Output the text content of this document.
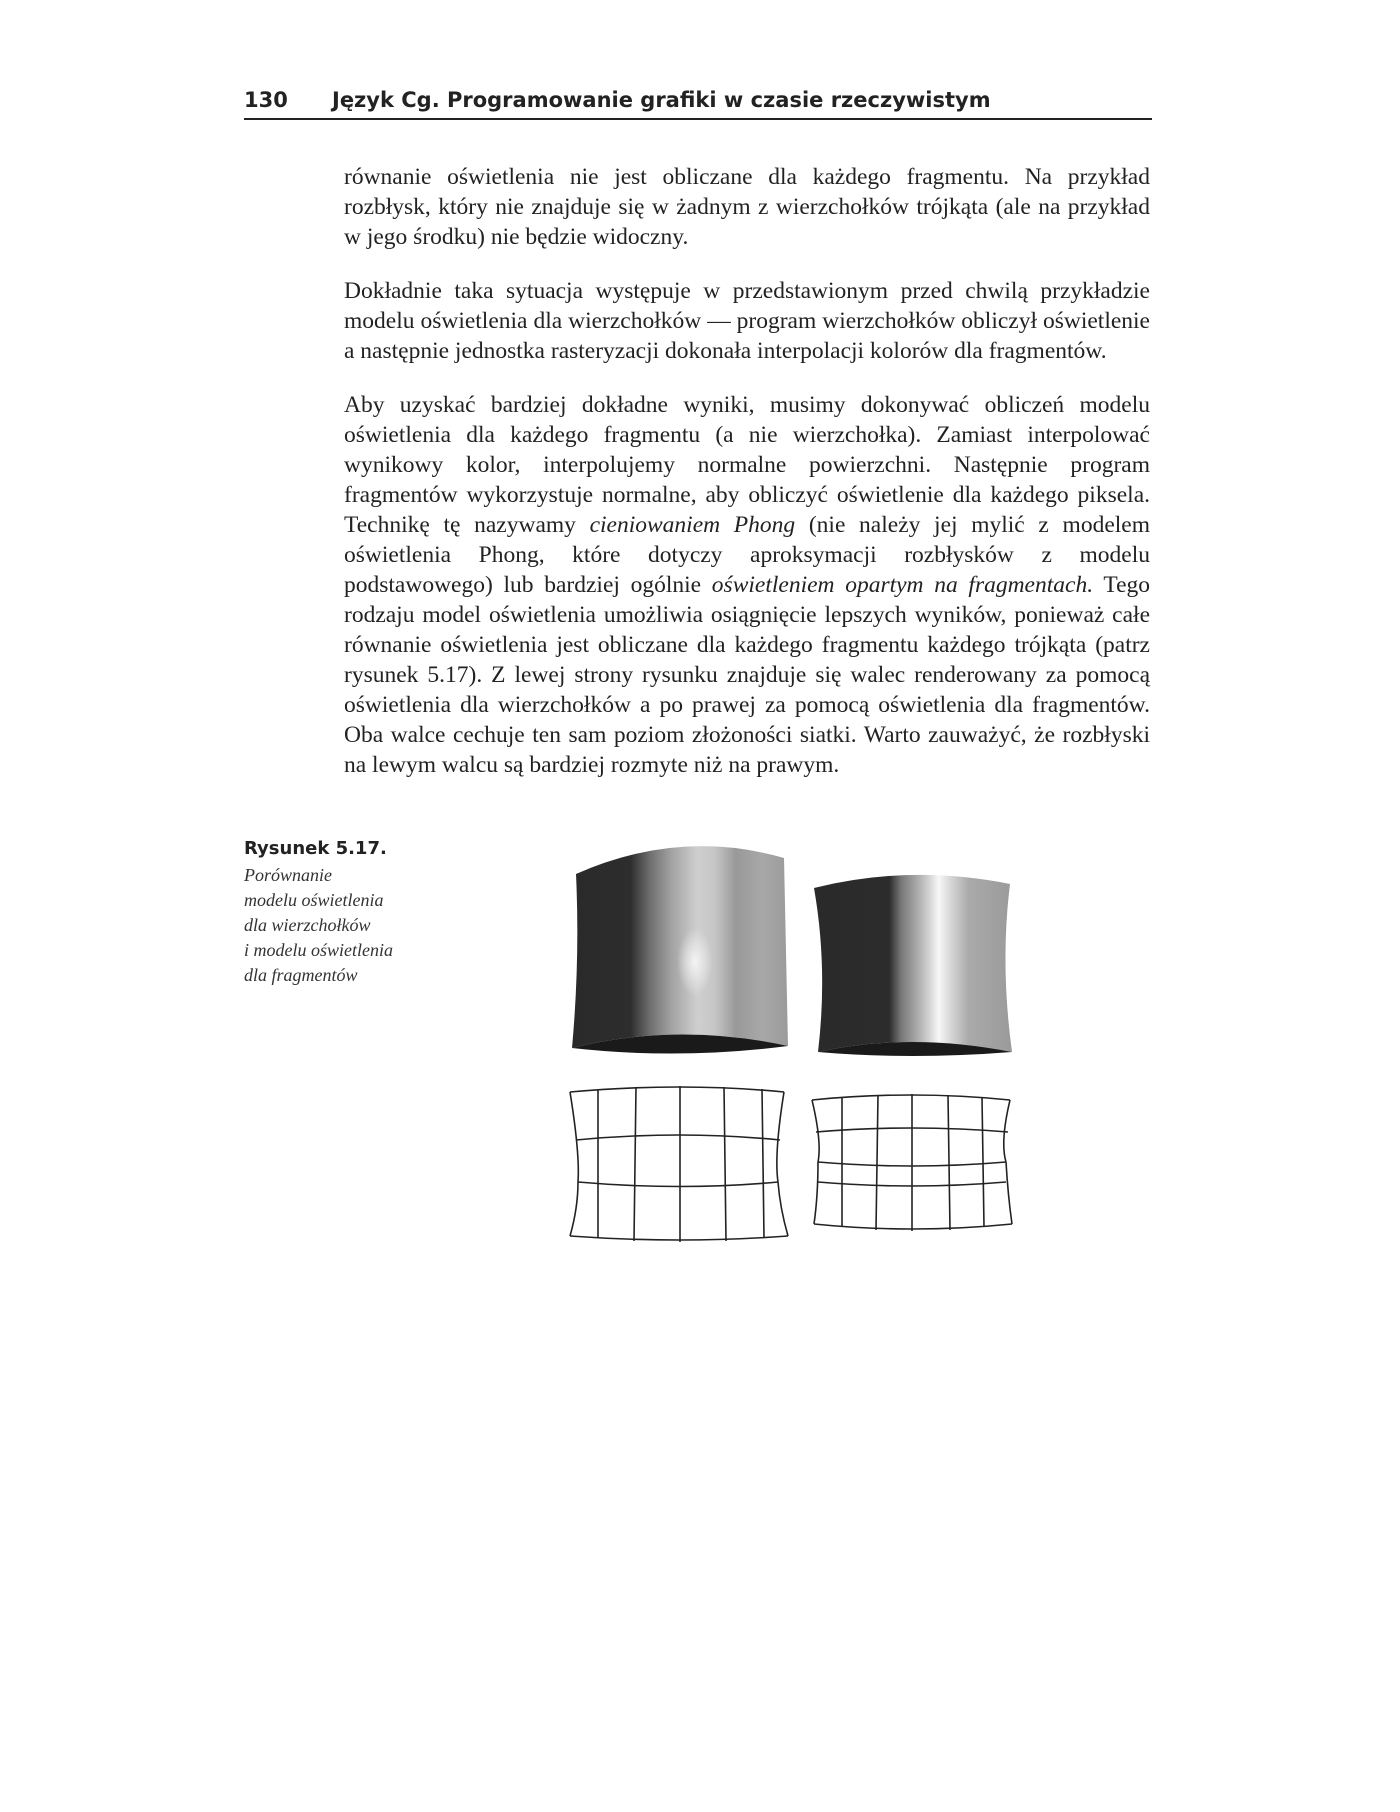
130 Język Cg. Programowanie grafiki w czasie rzeczywistym

równanie oświetlenia nie jest obliczane dla każdego fragmentu. Na przykład rozbłysk, który nie znajduje się w żadnym z wierzchołków trójkąta (ale na przykład w jego środku) nie będzie widoczny.

Dokładnie taka sytuacja występuje w przedstawionym przed chwilą przykładzie modelu oświetlenia dla wierzchołków — program wierzchołków obliczył oświetlenie a następnie jednostka rasteryzacji dokonała interpolacji kolorów dla fragmentów.

Aby uzyskać bardziej dokładne wyniki, musimy dokonywać obliczeń modelu oświetlenia dla każdego fragmentu (a nie wierzchołka). Zamiast interpolować wynikowy kolor, interpolujemy normalne powierzchni. Następnie program fragmentów wykorzystuje normalne, aby obliczyć oświetlenie dla każdego piksela. Technikę tę nazywamy cieniowaniem Phong (nie należy jej mylić z modelem oświetlenia Phong, które dotyczy aproksymacji rozbłysków z modelu podstawowego) lub bardziej ogólnie oświetleniem opartym na fragmentach. Tego rodzaju model oświetlenia umożliwia osiągnięcie lepszych wyników, ponieważ całe równanie oświetlenia jest obliczane dla każdego fragmentu każdego trójkąta (patrz rysunek 5.17). Z lewej strony rysunku znajduje się walec renderowany za pomocą oświetlenia dla wierzchołków a po prawej za pomocą oświetlenia dla fragmentów. Oba walce cechuje ten sam poziom złożoności siatki. Warto zauważyć, że rozbłyski na lewym walcu są bardziej rozmyte niż na prawym.

Rysunek 5.17.
Porównanie
modelu oświetlenia
dla wierzchołków
i modelu oświetlenia
dla fragmentów
